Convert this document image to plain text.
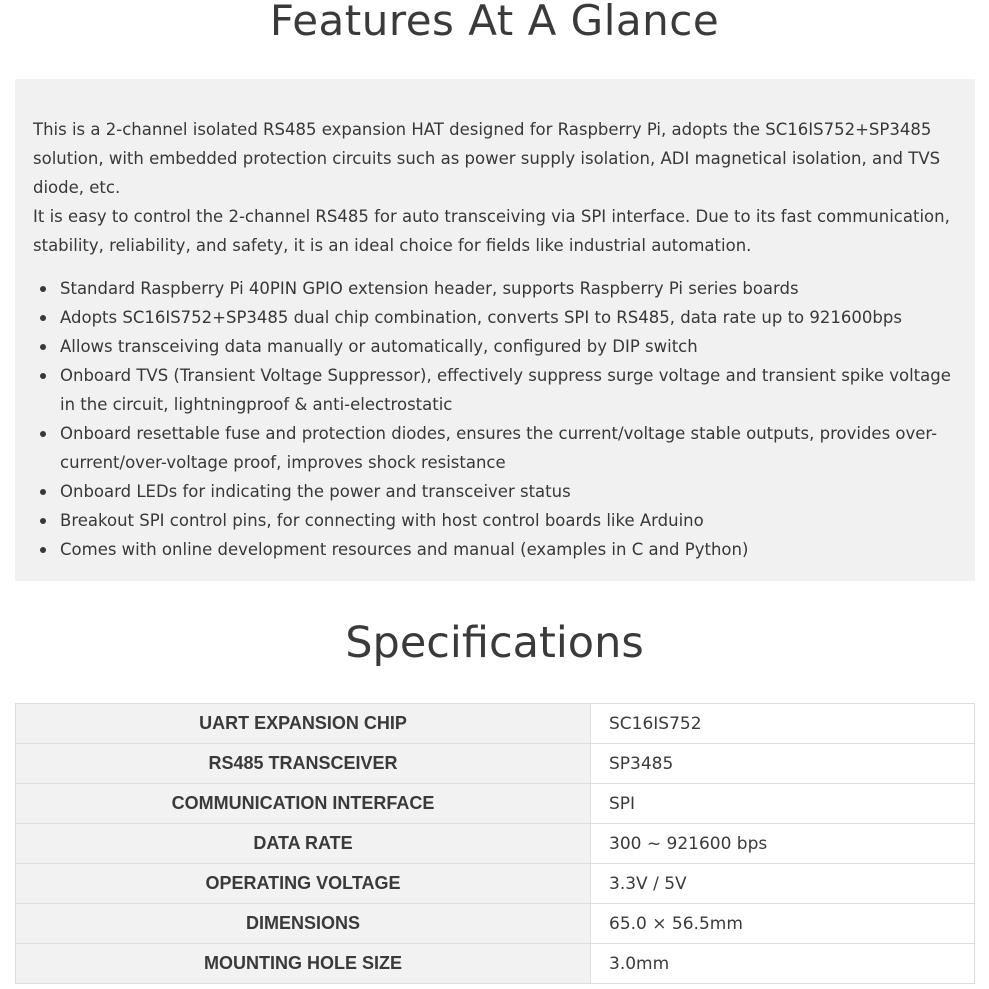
Features At A Glance

This is a 2-channel isolated RS485 expansion HAT designed for Raspberry Pi, adopts the SC16IS752+SP3485 solution, with embedded protection circuits such as power supply isolation, ADI magnetical isolation, and TVS diode, etc.
It is easy to control the 2-channel RS485 for auto transceiving via SPI interface. Due to its fast communication, stability, reliability, and safety, it is an ideal choice for fields like industrial automation.

Standard Raspberry Pi 40PIN GPIO extension header, supports Raspberry Pi series boards
Adopts SC16IS752+SP3485 dual chip combination, converts SPI to RS485, data rate up to 921600bps
Allows transceiving data manually or automatically, configured by DIP switch
Onboard TVS (Transient Voltage Suppressor), effectively suppress surge voltage and transient spike voltage in the circuit, lightningproof & anti-electrostatic
Onboard resettable fuse and protection diodes, ensures the current/voltage stable outputs, provides over-current/over-voltage proof, improves shock resistance
Onboard LEDs for indicating the power and transceiver status
Breakout SPI control pins, for connecting with host control boards like Arduino
Comes with online development resources and manual (examples in C and Python)
Specifications
UART EXPANSION CHIP	SC16IS752
RS485 TRANSCEIVER	SP3485
COMMUNICATION INTERFACE	SPI
DATA RATE	300 ~ 921600 bps
OPERATING VOLTAGE	3.3V / 5V
DIMENSIONS	65.0 × 56.5mm
MOUNTING HOLE SIZE	3.0mm
